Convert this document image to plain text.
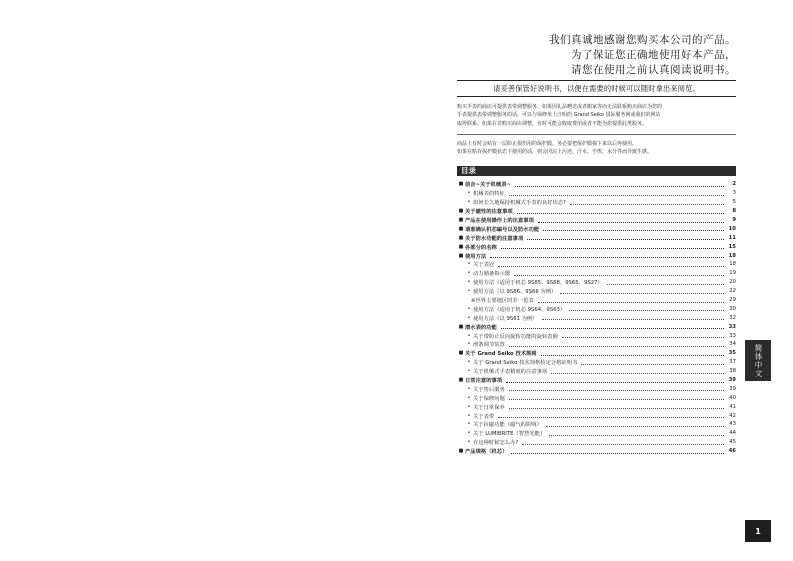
我们真诚地感谢您购买本公司的产品。
为了保证您正确地使用好本产品，
请您在使用之前认真阅读说明书。
请妥善保管好说明书，以便在需要的时候可以随时拿出来阅览。
购买手表的商店可提供表带调整服务。如果因礼品赠送或者搬家等而无法联系购买商店为您的
手表提供表带调整服务的话，可以与保修单上注明的 Grand Seiko 国际服务网或我们的网站
取得联系。如果在非购买商店调整，有时可能会收取费用或者不能为您提供此类服务。
商品上有时会贴有一层防止损伤用的保护膜。务必要把保护膜揭下来以后再使用。
如果在贴有保护膜状态下使用的话，则会因沾上污迹、汗水、尘埃、水分等而导致生锈。
目录
■ 前言~关于机械表~	2
• 机械表的特征	3
• 如何长久地保持机械式手表的良好状态?	5
■ 关于磁性的注意事项	8
■ 产品在使用操作上的注意事项	9
■ 请准确认机芯编号以及防水功能	10
■ 关于防水功能的注意事项	11
■ 各部分的名称	15
■ 使用方法	18
• 关于表冠	18
• 动力储备指示器	19
• 使用方法（适用于机芯 9S85、9S68、9S65、9S27）	20
• 使用方法（以 9S86、9S66 为例）	22
※世界主要地区时差一览表	29
• 使用方法（适用于机芯 9S64、9S63）	30
• 使用方法（以 9S61 为例）	32
■ 潜水表的功能	33
• 关于带防止反向旋转功能的旋转表圈	33
• 滑条调节装置	34
■ 关于 Grand Seiko 技术规格	35
• 关于 Grand Seiko 技术规格检定合格证明书	37
• 关于机械式手表精度的注意事项	38
■ 日常注意的事项	39
• 关于售后服务	39
• 关于保修问题	40
• 关于日常保养	41
• 关于表带	42
• 关于抗磁功能（磁气的影响）	43
• 关于 LUMIBRITE（智慧光能）	44
• 在这种时候怎么办?	45
■ 产品规格（机芯）	46
简体中文
1
